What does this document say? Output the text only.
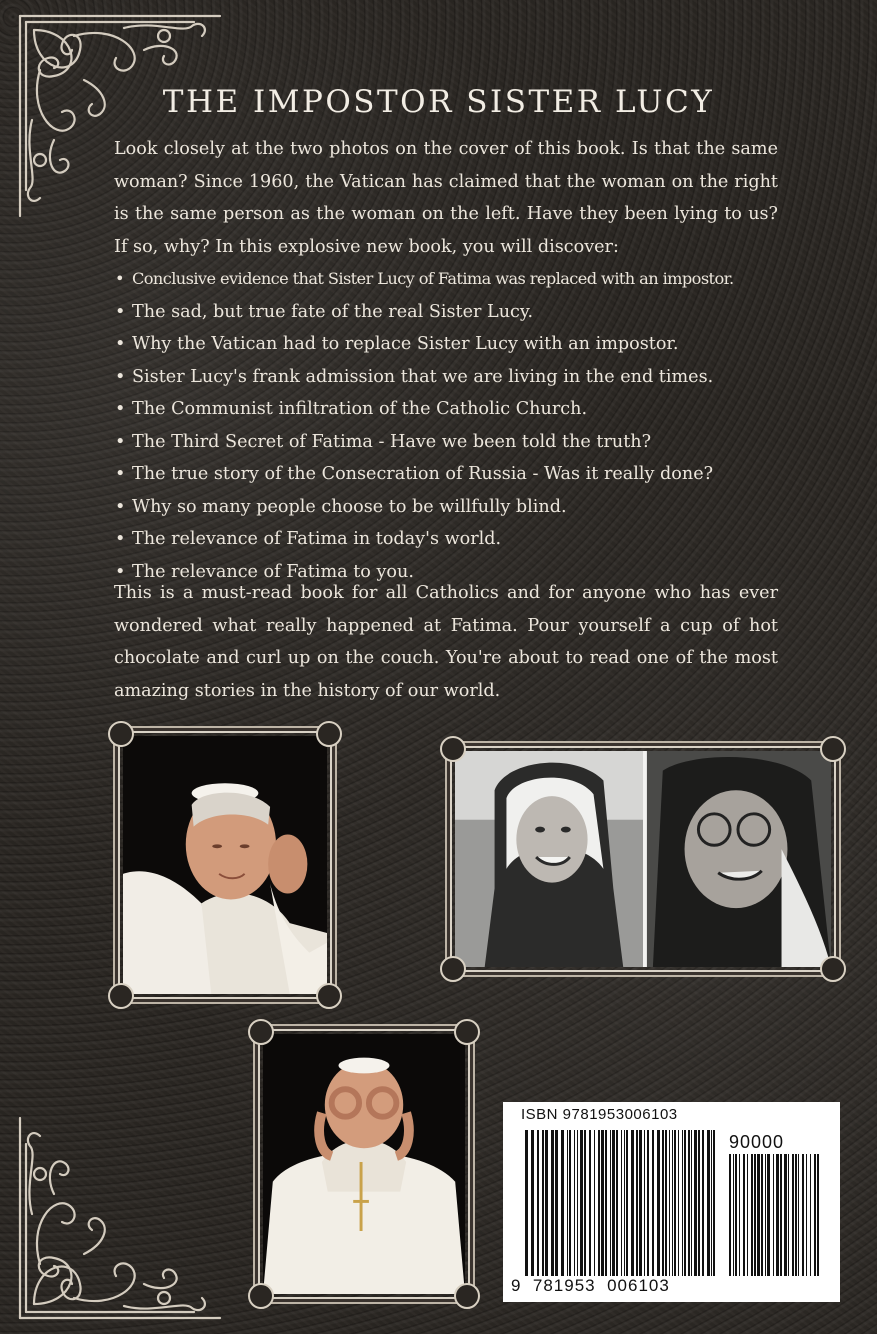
THE IMPOSTOR SISTER LUCY

Look closely at the two photos on the cover of this book. Is that the same woman? Since 1960, the Vatican has claimed that the woman on the right is the same person as the woman on the left. Have they been lying to us? If so, why? In this explosive new book, you will discover:

• Conclusive evidence that Sister Lucy of Fatima was replaced with an impostor.
• The sad, but true fate of the real Sister Lucy.
• Why the Vatican had to replace Sister Lucy with an impostor.
• Sister Lucy's frank admission that we are living in the end times.
• The Communist infiltration of the Catholic Church.
• The Third Secret of Fatima - Have we been told the truth?
• The true story of the Consecration of Russia - Was it really done?
• Why so many people choose to be willfully blind.
• The relevance of Fatima in today's world.
• The relevance of Fatima to you.

This is a must-read book for all Catholics and for anyone who has ever wondered what really happened at Fatima. Pour yourself a cup of hot chocolate and curl up on the couch. You're about to read one of the most amazing stories in the history of our world.

ISBN 9781953006103
90000
9  781953  006103
